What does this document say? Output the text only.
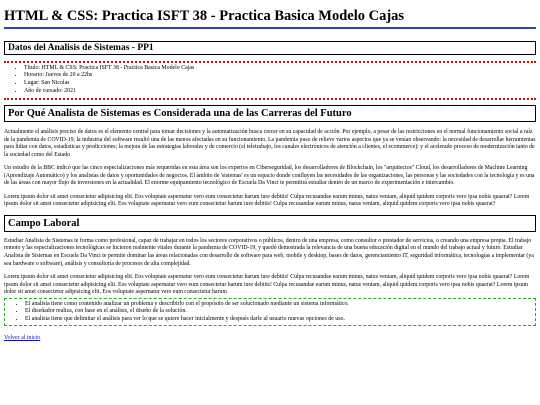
HTML & CSS: Practica ISFT 38 - Practica Basica Modelo Cajas
Datos del Analisis de Sistemas - PP1
• Título: HTML & CSS: Practica ISFT 38 - Practica Basica Modelo Cajas
• Horario: Jueves de 20 a 22hs
• Lugar: San Nicolas
• Año de cursado: 2021
Por Qué Analista de Sistemas es Considerada una de las Carreras del Futuro

Actualmente el análisis preciso de datos es el elemento central para tomar decisiones y la automatización busca crecer en su capacidad de acción. Por ejemplo, a pesar de las restricciones en el normal funcionamiento social a raíz de la pandemia de COVID-19, la industria del software resultó una de las menos afectadas en su funcionamiento. La pandemia puso de relieve varios aspectos que ya se venían observando: la necesidad de desarrollar herramientas para lidiar con datos, estadísticas y predicciones; la mejora de las estrategias laborales y de comercio (el teletrabajo, los canales electrónicos de atención a clientes, el ecommerce); y el acelerado proceso de modernización tanto de la sociedad como del Estado

Un estudio de la BBC indicó que las cinco especializaciones más requeridas en esta área son los expertos en Ciberseguridad, los desarrolladores de Blockchain, los "arquitectos" Cloud, los desarrolladores de Machine Learning (Aprendizaje Automático) y los analistas de datos y oportunidades de negocios. El ámbito de 'sistemas' es un espacio donde confluyen las necesidades de las organizaciones, las personas y las sociedades con la tecnología y es una de las áreas con mayor flujo de inversiones en la actualidad. El enorme equipamiento tecnológico de Escuela Da Vinci te permitirá estudiar dentro de un marco de experimentación e intercambio.

Lorem ipsum dolor sit amet consectetur adipisicing elit. Eos voluptate aspernatur vero eum consectetur harum iure debitis! Culpa recusandae earum minus, natus veniam, aliquid quidem corporis vero ipsa nobis quaerat? Lorem ipsum dolor sit amet consectetur adipisicing elit. Eos voluptate aspernatur vero eum consectetur harum iure debitis! Culpa recusandae earum minus, natus veniam, aliquid quidem corporis vero ipsa nobis quaerat?

Campo Laboral

Estudiar Analista de Sistemas te forma como profesional, capaz de trabajar en todos los sectores corporativos o públicos, dentro de una empresa, como consultor o prestador de servicios, o creando una empresa propia. El trabajo remoto y las especializaciones tecnológicas se hicieron realmente vitales durante la pandemia de COVID-19, y quedó demostrada la relevancia de una buena educación digital en el mundo del trabajo actual y futuro. Estudiar Analista de Sistemas en Escuela Da Vinci te permite dominar las áreas relacionadas con desarrollo de software para web, mobile y desktop, bases de datos, gerenciamiento IT, seguridad informática, tecnologías a implementar (ya sea hardware o software), análisis y consultoría de procesos de alta complejidad.

Lorem ipsum dolor sit amet consectetur adipisicing elit. Eos voluptate aspernatur vero eum consectetur harum iure debitis! Culpa recusandae earum minus, natus veniam, aliquid quidem corporis vero ipsa nobis quaerat? Lorem ipsum dolor sit amet consectetur adipisicing elit. Eos voluptate aspernatur vero eum consectetur harum iure debitis! Culpa recusandae earum minus, natus veniam, aliquid quidem corporis vero ipsa nobis quaerat? Lorem ipsum dolor sit amet consectetur adipisicing elit. Eos voluptate aspernatur vero eum consectetur harum

• El analista tiene como contenido analizar un problema y describirlo con el propósito de ser solucionado mediante un sistema informático.
• El diseñador realiza, con base en el análisis, el diseño de la solución.
• El analista tiene que delimitar el análisis para ver lo que se quiere hacer inicialmente y después darle al usuario nuevas opciones de uso.
Volver al inicio
